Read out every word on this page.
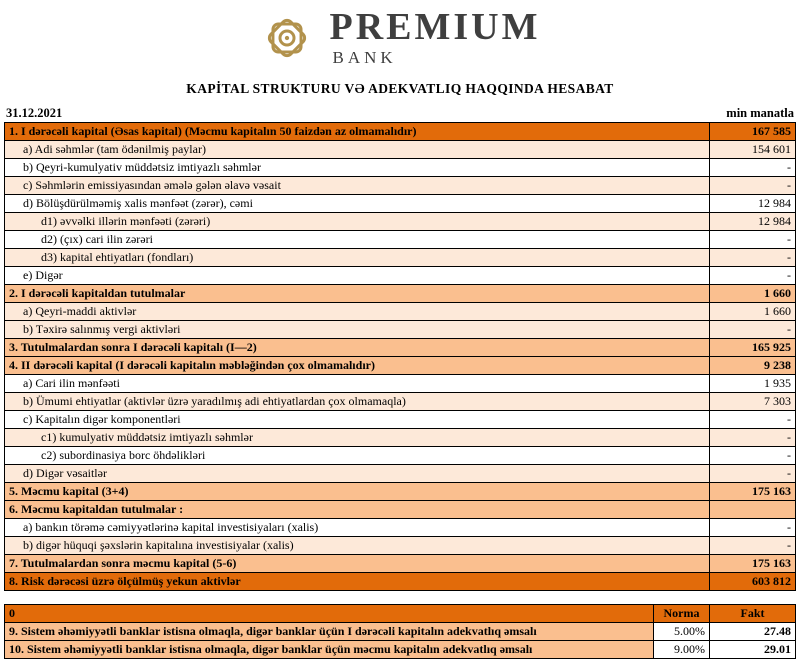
PREMIUM
BANK
KAPİTAL STRUKTURU VƏ ADEKVATLIQ HAQQINDA HESABAT
31.12.2021	min manatla
1. I dərəcəli kapital (Əsas kapital) (Məcmu kapitalın 50 faizdən az olmamalıdır)	167 585
a) Adi səhmlər (tam ödənilmiş paylar)	154 601
b) Qeyri-kumulyativ müddətsiz imtiyazlı səhmlər	-
c) Səhmlərin emissiyasından əmələ gələn əlavə vəsait	-
d) Bölüşdürülməmiş xalis mənfəət (zərər), cəmi	12 984
d1) əvvəlki illərin mənfəəti (zərəri)	12 984
d2) (çıx) cari ilin zərəri	-
d3) kapital ehtiyatları (fondları)	-
e) Digər	-
2. I dərəcəli kapitaldan tutulmalar	1 660
a) Qeyri-maddi aktivlər	1 660
b) Təxirə salınmış vergi aktivləri	-
3. Tutulmalardan sonra I dərəcəli kapitalı (I—2)	165 925
4. II dərəcəli kapital (I dərəcəli kapitalın məbləğindən çox olmamalıdır)	9 238
a) Cari ilin mənfəəti	1 935
b) Ümumi ehtiyatlar (aktivlər üzrə yaradılmış adi ehtiyatlardan çox olmamaqla)	7 303
c) Kapitalın digər komponentləri	-
c1) kumulyativ müddətsiz imtiyazlı səhmlər	-
c2) subordinasiya borc öhdəlikləri	-
d) Digər vəsaitlər	-
5. Məcmu kapital (3+4)	175 163
6. Məcmu kapitaldan tutulmalar :	
a) bankın törəmə cəmiyyətlərinə kapital investisiyaları (xalis)	-
b) digər hüquqi şəxslərin kapitalına investisiyalar (xalis)	-
7. Tutulmalardan sonra məcmu kapital (5-6)	175 163
8. Risk dərəcəsi üzrə ölçülmüş yekun aktivlər	603 812
0	Norma	Fakt
9. Sistem əhəmiyyətli banklar istisna olmaqla, digər banklar üçün I dərəcəli kapitalın adekvatlıq əmsalı	5.00%	27.48
10. Sistem əhəmiyyətli banklar istisna olmaqla, digər banklar üçün məcmu kapitalın adekvatlıq əmsalı	9.00%	29.01
